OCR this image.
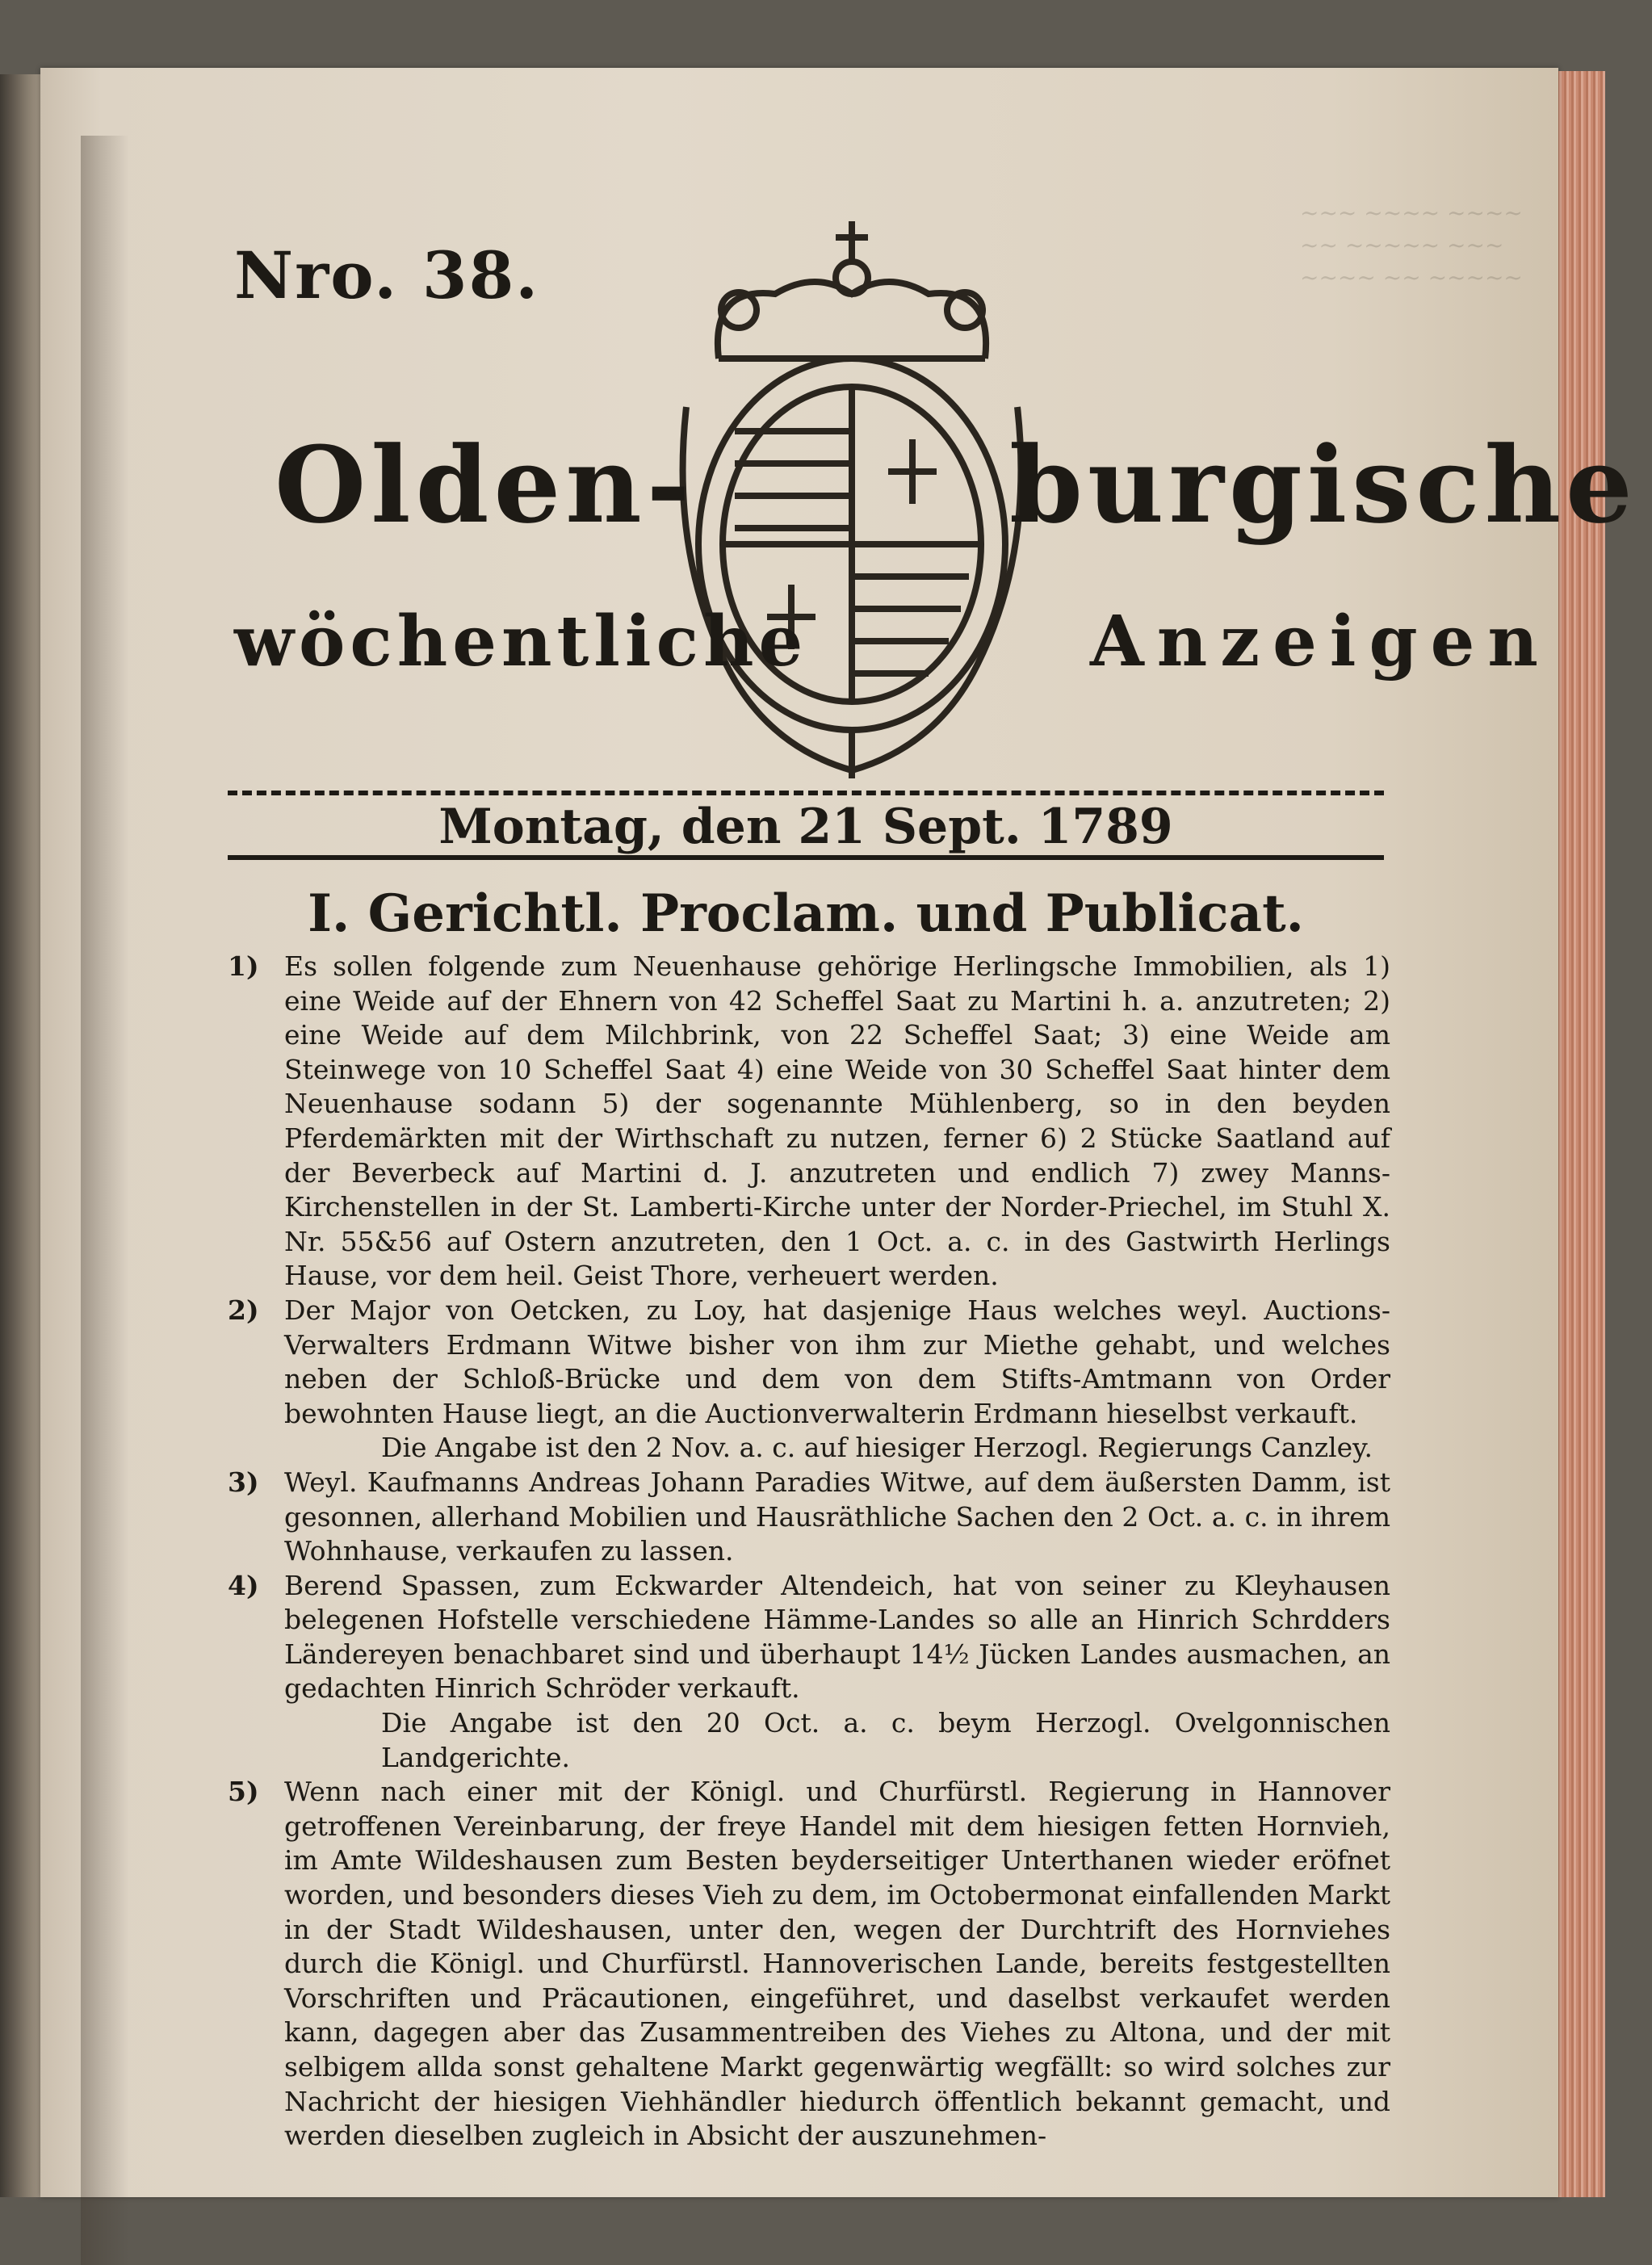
~~~ ~~~~ ~~~~
~~ ~~~~~ ~~~
~~~~ ~~ ~~~~~
Nro. 38.
Olden-	burgische
wöchentliche	Anzeigen
Montag, den 21 Sept. 1789
I. Gerichtl. Proclam. und Publicat.
1) Es sollen folgende zum Neuenhause gehörige Herlingsche Immobilien, als 1) eine Weide auf der Ehnern von 42 Scheffel Saat zu Martini h. a. anzutreten; 2) eine Weide auf dem Milchbrink, von 22 Scheffel Saat; 3) eine Weide am Steinwege von 10 Scheffel Saat 4) eine Weide von 30 Scheffel Saat hinter dem Neuenhause sodann 5) der sogenannte Mühlenberg, so in den beyden Pferdemärkten mit der Wirthschaft zu nutzen, ferner 6) 2 Stücke Saatland auf der Beverbeck auf Martini d. J. anzutreten und endlich 7) zwey Manns-Kirchenstellen in der St. Lamberti-Kirche unter der Norder-Priechel, im Stuhl X. Nr. 55&56 auf Ostern anzutreten, den 1 Oct. a. c. in des Gastwirth Herlings Hause, vor dem heil. Geist Thore, verheuert werden.
2) Der Major von Oetcken, zu Loy, hat dasjenige Haus welches weyl. Auctions-Verwalters Erdmann Witwe bisher von ihm zur Miethe gehabt, und welches neben der Schloß-Brücke und dem von dem Stifts-Amtmann von Order bewohnten Hause liegt, an die Auctionverwalterin Erdmann hieselbst verkauft.
Die Angabe ist den 2 Nov. a. c. auf hiesiger Herzogl. Regierungs Canzley.
3) Weyl. Kaufmanns Andreas Johann Paradies Witwe, auf dem äußersten Damm, ist gesonnen, allerhand Mobilien und Hausräthliche Sachen den 2 Oct. a. c. in ihrem Wohnhause, verkaufen zu lassen.
4) Berend Spassen, zum Eckwarder Altendeich, hat von seiner zu Kleyhausen belegenen Hofstelle verschiedene Hämme-Landes so alle an Hinrich Schrdders Ländereyen benachbaret sind und überhaupt 14½ Jücken Landes ausmachen, an gedachten Hinrich Schröder verkauft.
Die Angabe ist den 20 Oct. a. c. beym Herzogl. Ovelgonnischen Landgerichte.
5) Wenn nach einer mit der Königl. und Churfürstl. Regierung in Hannover getroffenen Vereinbarung, der freye Handel mit dem hiesigen fetten Hornvieh, im Amte Wildeshausen zum Besten beyderseitiger Unterthanen wieder eröfnet worden, und besonders dieses Vieh zu dem, im Octobermonat einfallenden Markt in der Stadt Wildeshausen, unter den, wegen der Durchtrift des Hornviehes durch die Königl. und Churfürstl. Hannoverischen Lande, bereits festgestellten Vorschriften und Präcautionen, eingeführet, und daselbst verkaufet werden kann, dagegen aber das Zusammentreiben des Viehes zu Altona, und der mit selbigem allda sonst gehaltene Markt gegenwärtig wegfällt: so wird solches zur Nachricht der hiesigen Viehhändler hiedurch öffentlich bekannt gemacht, und werden dieselben zugleich in Absicht der auszunehmen-
